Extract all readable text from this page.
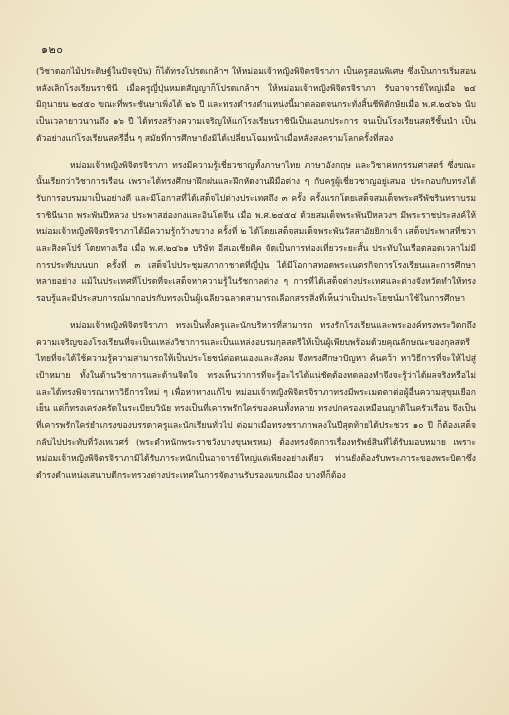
๑๒๐

(วิชาดอกไม้ประดิษฐ์ในปัจจุบัน) ก็ได้ทรงโปรดเกล้าฯ ให้หม่อมเจ้าหญิงพิจิตรจิราภา เป็นครูสอนพิเศษ ซึ่งเป็นการเริ่มสอนหลังเลิกโรงเรียนราชินี เมื่อครูญี่ปุ่นหมดสัญญาก็โปรดเกล้าฯ ให้หม่อมเจ้าหญิงพิจิตรจิราภา รับอาจารย์ใหญ่เมื่อ ๒๔ มิถุนายน ๒๔๕๐ ขณะที่พระชันษาเพิ่งได้ ๒๖ ปี และทรงดำรงตำแหน่งนี้มาตลอดจนกระทั่งสิ้นชีพิตักษัยเมื่อ พ.ศ.๒๔๖๖ นับเป็นเวลายาวนานถึง ๑๖ ปี ได้ทรงสร้างความเจริญให้แก่โรงเรียนราชินีเป็นเอนกประการ จนเป็นโรงเรียนสตรีชั้นนำ เป็นตัวอย่างแก่โรงเรียนสตรีอื่น ๆ สมัยที่การศึกษายังมิได้เปลี่ยนโฉมหน้าเมื่อหลังสงครามโลกครั้งที่สอง

หม่อมเจ้าหญิงพิจิตรจิราภา ทรงมีความรู้เชี่ยวชาญทั้งภาษาไทย ภาษาอังกฤษ และวิชาคหกรรมศาสตร์ ซึ่งขณะนั้นเรียกว่าวิชาการเรือน เพราะได้ทรงศึกษาฝึกฝนและฝึกหัดงานฝีมือต่าง ๆ กับครูผู้เชี่ยวชาญอยู่เสมอ ประกอบกับทรงได้รับการอบรมมาเป็นอย่างดี และมีโอกาสที่ได้เสด็จไปต่างประเทศถึง ๓ ครั้ง ครั้งแรกโดยเสด็จสมเด็จพระศรีพัชรินทราบรมราชินีนาถ พระพันปีหลวง ประพาสฮ่องกงและอินโดจีน เมื่อ พ.ศ.๒๔๕๔ ด้วยสมเด็จพระพันปีหลวงฯ มีพระราชประสงค์ให้หม่อมเจ้าหญิงพิจิตรจิราภาได้มีความรู้กว้างขวาง ครั้งที่ ๒ ได้โดยเสด็จสมเด็จพระพันวัสสาอัยยิกาเจ้า เสด็จประพาสที่ชวาและสิงคโปร์ โดยทางเรือ เมื่อ พ.ศ.๒๔๖๑ บริษัท อีสเอเชียติค จัดเป็นการท่องเที่ยวระยะสั้น ประทับในเรือตลอดเวลาไม่มีการประทับบนบก ครั้งที่ ๓ เสด็จไปประชุมสภากาชาดที่ญี่ปุ่น ได้มีโอกาสทอดพระเนตรกิจการโรงเรียนและการศึกษาหลายอย่าง แม้ในประเทศที่โปรดที่จะเสด็จหาความรู้ในรัชกาลต่าง ๆ การที่ได้เสด็จต่างประเทศและต่างจังหวัดทำให้ทรงรอบรู้และมีประสบการณ์มากอปรกับทรงเป็นผู้เฉลียวฉลาดสามารถเลือกสรรสิ่งที่เห็นว่าเป็นประโยชน์มาใช้ในการศึกษา

หม่อมเจ้าหญิงพิจิตรจิราภา ทรงเป็นทั้งครูและนักบริหารที่สามารถ ทรงรักโรงเรียนและพระองค์ทรงพระวิตกถึงความเจริญของโรงเรียนที่จะเป็นแหล่งวิชาการและเป็นแหล่งอบรมกุลสตรีให้เป็นผู้เพียบพร้อมด้วยคุณลักษณะของกุลสตรีไทยที่จะได้ใช้ความรู้ความสามารถให้เป็นประโยชน์ต่อตนเองและสังคม จึงทรงศึกษาปัญหา ค้นคว้า หาวิธีการที่จะให้ไปสู่เป้าหมาย ทั้งในด้านวิชาการและด้านจิตใจ ทรงเห็นว่าการที่จะรู้อะไรได้แน่ชัดต้องทดลองทำจึงจะรู้ว่าได้ผลจริงหรือไม่ และได้ทรงพิจารณาหาวิธีการใหม่ ๆ เพื่อหาทางแก้ไข หม่อมเจ้าหญิงพิจิตรจิราภาทรงมีพระเมตตาต่อผู้อื่นความสุขุมเยือกเย็น แต่ก็ทรงเคร่งครัดในระเบียบวินัย ทรงเป็นที่เคารพรักใคร่ของคนทั้งหลาย ทรงปกครองเหมือนญาติในครัวเรือน จึงเป็นที่เคารพรักใคร่ยำเกรงของบรรดาครูและนักเรียนทั่วไป ต่อมาเมื่อทรงชราภาพลงในปีสุดท้ายได้ประชวร ๑๐ ปี ก็ต้องเสด็จกลับไปประทับที่วังเทเวศร์ (พระตำหนักพระราชวังบางขุนพรหม) ต้องทรงจัดการเรื่องทรัพย์สินที่ได้รับมอบหมาย เพราะหม่อมเจ้าหญิงพิจิตรจิราภามิได้รับภาระหนักเป็นอาจารย์ใหญ่แต่เพียงอย่างเดียว ท่านยังต้องรับพระภาระของพระบิดาซึ่งดำรงตำแหน่งเสนาบดีกระทรวงต่างประเทศในการจัดงานรับรองแขกเมือง บางทีก็ต้อง
